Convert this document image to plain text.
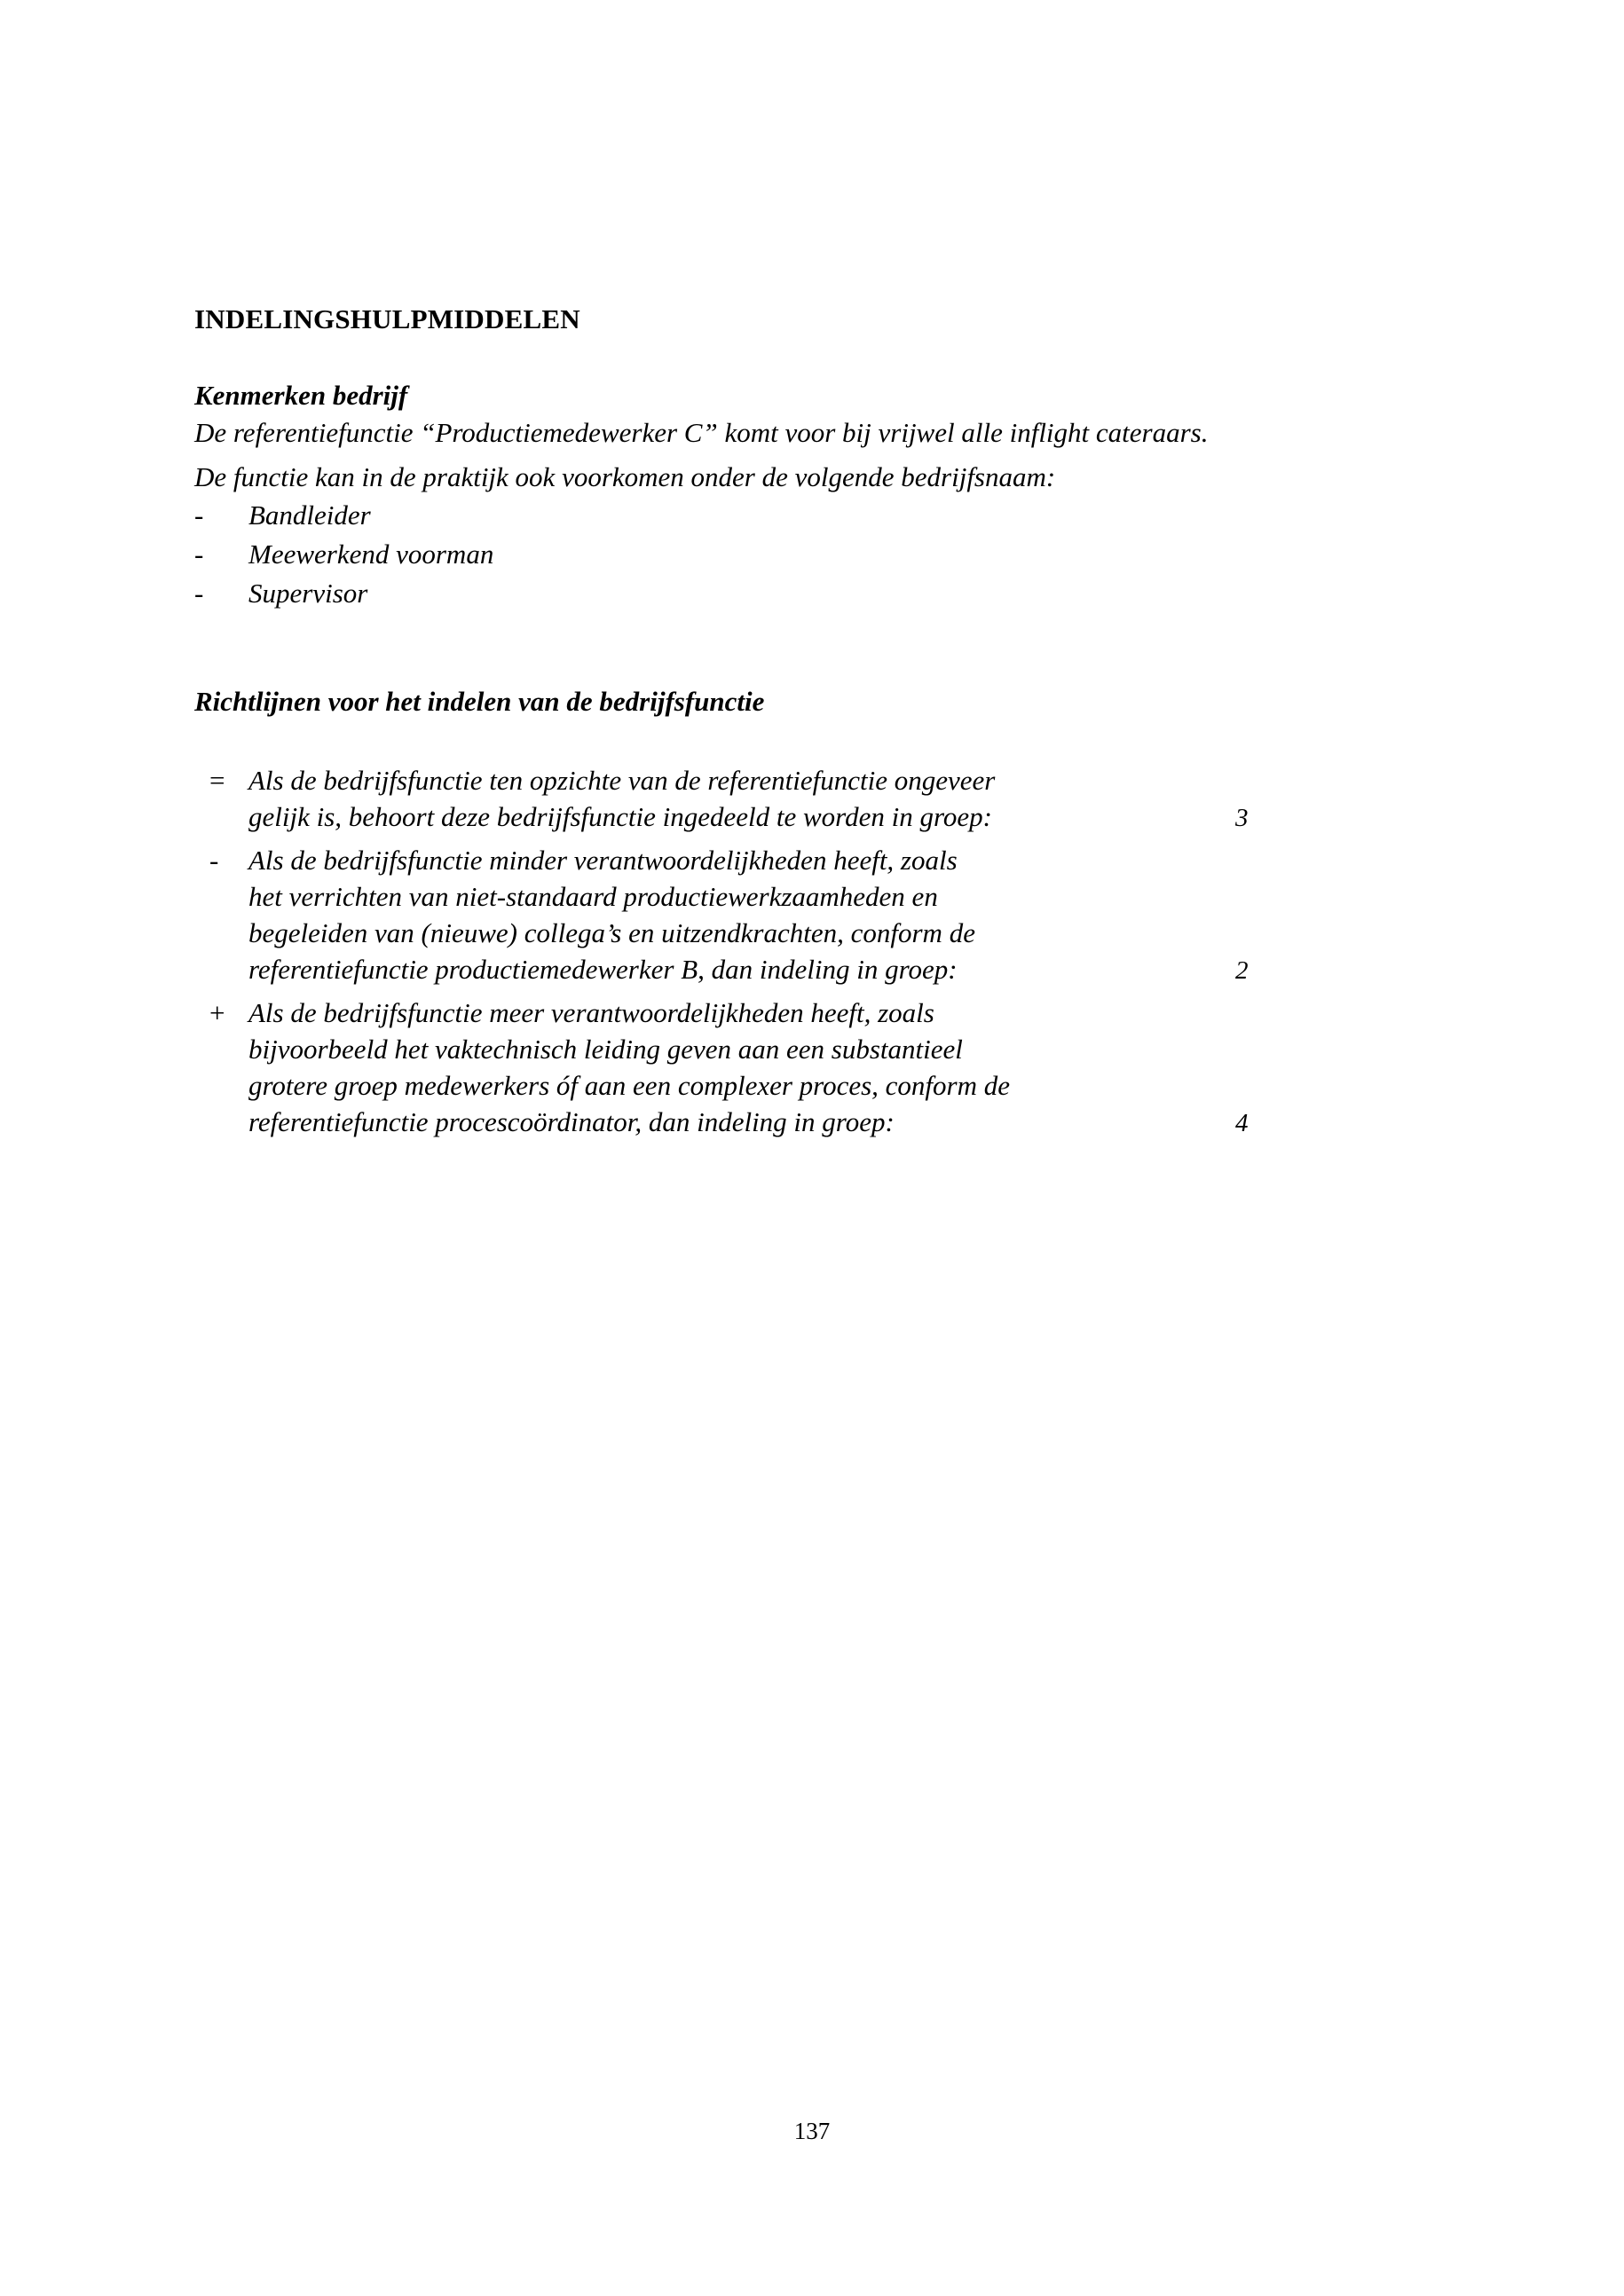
INDELINGSHULPMIDDELEN
Kenmerken bedrijf
De referentiefunctie “Productiemedewerker C” komt voor bij vrijwel alle inflight cateraars.
De functie kan in de praktijk ook voorkomen onder de volgende bedrijfsnaam:
- Bandleider
- Meewerkend voorman
- Supervisor
Richtlijnen voor het indelen van de bedrijfsfunctie
= Als de bedrijfsfunctie ten opzichte van de referentiefunctie ongeveer
gelijk is, behoort deze bedrijfsfunctie ingedeeld te worden in groep:	3
- Als de bedrijfsfunctie minder verantwoordelijkheden heeft, zoals
het verrichten van niet-standaard productiewerkzaamheden en
begeleiden van (nieuwe) collega’s en uitzendkrachten, conform de
referentiefunctie productiemedewerker B, dan indeling in groep:	2
+ Als de bedrijfsfunctie meer verantwoordelijkheden heeft, zoals
bijvoorbeeld het vaktechnisch leiding geven aan een substantieel
grotere groep medewerkers óf aan een complexer proces, conform de
referentiefunctie procescoördinator, dan indeling in groep:	4
137
